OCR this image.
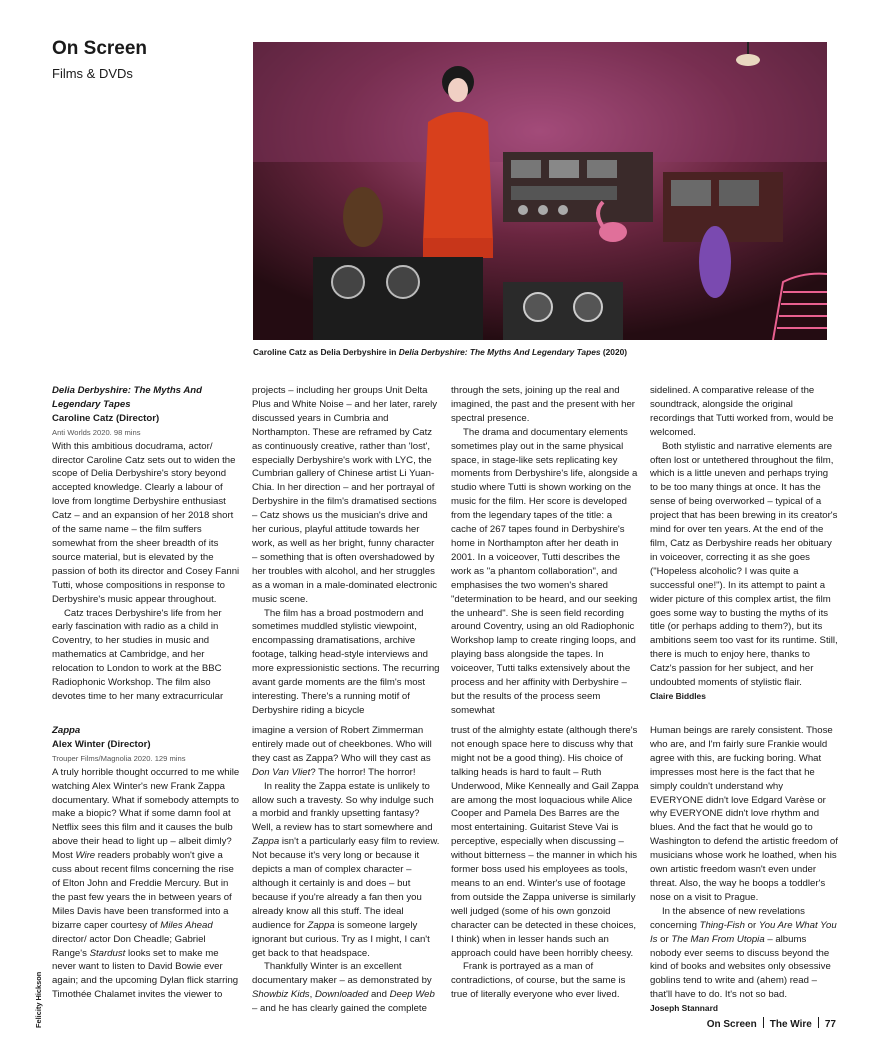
On Screen
Films & DVDs
Caroline Catz as Delia Derbyshire in Delia Derbyshire: The Myths And Legendary Tapes (2020)

Delia Derbyshire: The Myths And Legendary Tapes

Caroline Catz (Director)

Anti Worlds 2020. 98 mins

With this ambitious docudrama, actor/ director Caroline Catz sets out to widen the scope of Delia Derbyshire's story beyond accepted knowledge. Clearly a labour of love from longtime Derbyshire enthusiast Catz – and an expansion of her 2018 short of the same name – the film suffers somewhat from the sheer breadth of its source material, but is elevated by the passion of both its director and Cosey Fanni Tutti, whose compositions in response to Derbyshire's music appear throughout.

Catz traces Derbyshire's life from her early fascination with radio as a child in Coventry, to her studies in music and mathematics at Cambridge, and her relocation to London to work at the BBC Radiophonic Workshop. The film also devotes time to her many extracurricular

projects – including her groups Unit Delta Plus and White Noise – and her later, rarely discussed years in Cumbria and Northampton. These are reframed by Catz as continuously creative, rather than 'lost', especially Derbyshire's work with LYC, the Cumbrian gallery of Chinese artist Li Yuan-Chia. In her direction – and her portrayal of Derbyshire in the film's dramatised sections – Catz shows us the musician's drive and her curious, playful attitude towards her work, as well as her bright, funny character – something that is often overshadowed by her troubles with alcohol, and her struggles as a woman in a male-dominated electronic music scene.

The film has a broad postmodern and sometimes muddled stylistic viewpoint, encompassing dramatisations, archive footage, talking head-style interviews and more expressionistic sections. The recurring avant garde moments are the film's most interesting. There's a running motif of Derbyshire riding a bicycle

through the sets, joining up the real and imagined, the past and the present with her spectral presence.

The drama and documentary elements sometimes play out in the same physical space, in stage-like sets replicating key moments from Derbyshire's life, alongside a studio where Tutti is shown working on the music for the film. Her score is developed from the legendary tapes of the title: a cache of 267 tapes found in Derbyshire's home in Northampton after her death in 2001. In a voiceover, Tutti describes the work as "a phantom collaboration", and emphasises the two women's shared "determination to be heard, and our seeking the unheard". She is seen field recording around Coventry, using an old Radiophonic Workshop lamp to create ringing loops, and playing bass alongside the tapes. In voiceover, Tutti talks extensively about the process and her affinity with Derbyshire – but the results of the process seem somewhat

sidelined. A comparative release of the soundtrack, alongside the original recordings that Tutti worked from, would be welcomed.

Both stylistic and narrative elements are often lost or untethered throughout the film, which is a little uneven and perhaps trying to be too many things at once. It has the sense of being overworked – typical of a project that has been brewing in its creator's mind for over ten years. At the end of the film, Catz as Derbyshire reads her obituary in voiceover, correcting it as she goes ("Hopeless alcoholic? I was quite a successful one!"). In its attempt to paint a wider picture of this complex artist, the film goes some way to busting the myths of its title (or perhaps adding to them?), but its ambitions seem too vast for its runtime. Still, there is much to enjoy here, thanks to Catz's passion for her subject, and her undoubted moments of stylistic flair.

Claire Biddles

Zappa

Alex Winter (Director)

Trouper Films/Magnolia 2020. 129 mins

A truly horrible thought occurred to me while watching Alex Winter's new Frank Zappa documentary. What if somebody attempts to make a biopic? What if some damn fool at Netflix sees this film and it causes the bulb above their head to light up – albeit dimly? Most Wire readers probably won't give a cuss about recent films concerning the rise of Elton John and Freddie Mercury. But in the past few years the in between years of Miles Davis have been transformed into a bizarre caper courtesy of Miles Ahead director/ actor Don Cheadle; Gabriel Range's Stardust looks set to make me never want to listen to David Bowie ever again; and the upcoming Dylan flick starring Timothée Chalamet invites the viewer to

imagine a version of Robert Zimmerman entirely made out of cheekbones. Who will they cast as Zappa? Who will they cast as Don Van Vliet? The horror! The horror!

In reality the Zappa estate is unlikely to allow such a travesty. So why indulge such a morbid and frankly upsetting fantasy? Well, a review has to start somewhere and Zappa isn't a particularly easy film to review. Not because it's very long or because it depicts a man of complex character – although it certainly is and does – but because if you're already a fan then you already know all this stuff. The ideal audience for Zappa is someone largely ignorant but curious. Try as I might, I can't get back to that headspace.

Thankfully Winter is an excellent documentary maker – as demonstrated by Showbiz Kids, Downloaded and Deep Web – and he has clearly gained the complete

trust of the almighty estate (although there's not enough space here to discuss why that might not be a good thing). His choice of talking heads is hard to fault – Ruth Underwood, Mike Kenneally and Gail Zappa are among the most loquacious while Alice Cooper and Pamela Des Barres are the most entertaining. Guitarist Steve Vai is perceptive, especially when discussing – without bitterness – the manner in which his former boss used his employees as tools, means to an end. Winter's use of footage from outside the Zappa universe is similarly well judged (some of his own gonzoid character can be detected in these choices, I think) when in lesser hands such an approach could have been horribly cheesy.

Frank is portrayed as a man of contradictions, of course, but the same is true of literally everyone who ever lived.

Human beings are rarely consistent. Those who are, and I'm fairly sure Frankie would agree with this, are fucking boring. What impresses most here is the fact that he simply couldn't understand why EVERYONE didn't love Edgard Varèse or why EVERYONE didn't love rhythm and blues. And the fact that he would go to Washington to defend the artistic freedom of musicians whose work he loathed, when his own artistic freedom wasn't even under threat. Also, the way he boops a toddler's nose on a visit to Prague.

In the absence of new revelations concerning Thing-Fish or You Are What You Is or The Man From Utopia – albums nobody ever seems to discuss beyond the kind of books and websites only obsessive goblins tend to write and (ahem) read – that'll have to do. It's not so bad.

Joseph Stannard

Felicity Hickson	On Screen The Wire 77
